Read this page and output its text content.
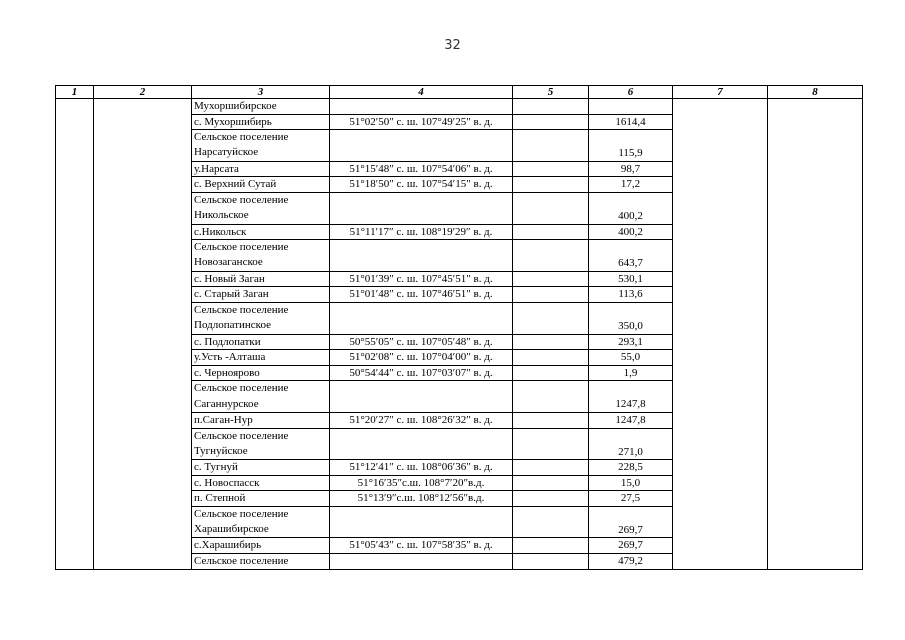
32
1	2	3	4	5	6	7	8
		Мухоршибирское					
		с. Мухоршибирь	51°02′50″ с. ш. 107°49′25″ в. д.		1614,4		
		Сельское поселение Нарсатуйское			115,9		
		у.Нарсата	51°15′48″ с. ш. 107°54′06″ в. д.		98,7		
		с. Верхний Сутай	51°18′50″ с. ш. 107°54′15″ в. д.		17,2		
		Сельское поселение Никольское			400,2		
		с.Никольск	51°11′17″ с. ш. 108°19′29″ в. д.		400,2		
		Сельское поселение Новозаганское			643,7		
		с. Новый Заган	51°01′39″ с. ш. 107°45′51″ в. д.		530,1		
		с. Старый Заган	51°01′48″ с. ш. 107°46′51″ в. д.		113,6		
		Сельское поселение Подлопатинское			350,0		
		с. Подлопатки	50°55′05″ с. ш. 107°05′48″ в. д.		293,1		
		у.Усть -Алташа	51°02′08″ с. ш. 107°04′00″ в. д.		55,0		
		с. Черноярово	50°54′44″ с. ш. 107°03′07″ в. д.		1,9		
		Сельское поселение Саганнурское			1247,8		
		п.Саган-Нур	51°20′27″ с. ш. 108°26′32″ в. д.		1247,8		
		Сельское поселение Тугнуйское			271,0		
		с. Тугнуй	51°12′41″ с. ш. 108°06′36″ в. д.		228,5		
		с. Новоспасск	51°16′35″с.ш. 108°7′20″в.д.		15,0		
		п. Степной	51°13′9″с.ш. 108°12′56″в.д.		27,5		
		Сельское поселение Харашибирское			269,7		
		с.Харашибирь	51°05′43″ с. ш. 107°58′35″ в. д.		269,7		
		Сельское поселение			479,2		
